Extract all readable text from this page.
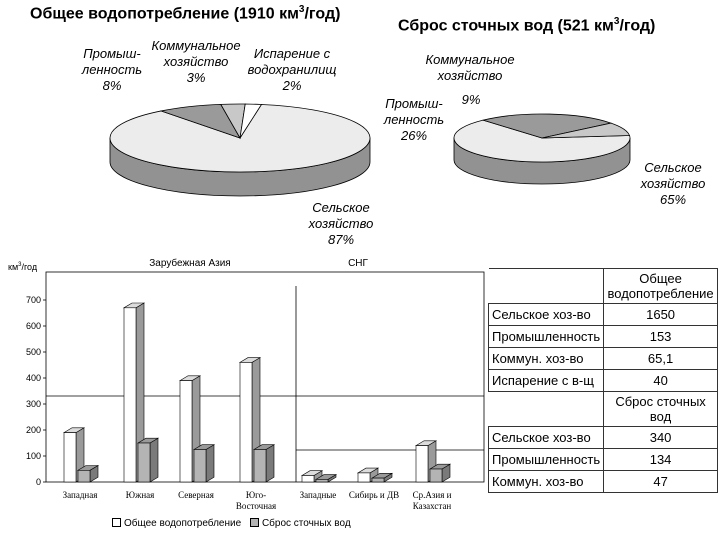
Общее водопотребление (1910 $км^3/год$)
Сброс сточных вод (521 $км^3/год$)
Промыш-
ленность
8%
Коммунальное
хозяйство
3%
Испарение с
водохранилищ
2%
Сельское
хозяйство
87%
Коммунальное
хозяйство
9%
Промыш-
ленность
26%
Сельское
хозяйство
65%
0
100
200
300
400
500
600
700
Зарубежная Азия	СНГ
Западная	Южная	Северная	Юго-
Восточная
Западные Сибирь и ДВ Ср.Азия и
Казахстан
$км^3$/год

	Общее
водопотребление

Сельское хоз-во	1650
Промышленность	153
Коммун. хоз-во	65,1
Испарение с в-щ	40

	Сброс сточных
вод

Сельское хоз-во	340
Промышленность	134
Коммун. хоз-во	47
Общее водопотребление Сброс сточных вод
